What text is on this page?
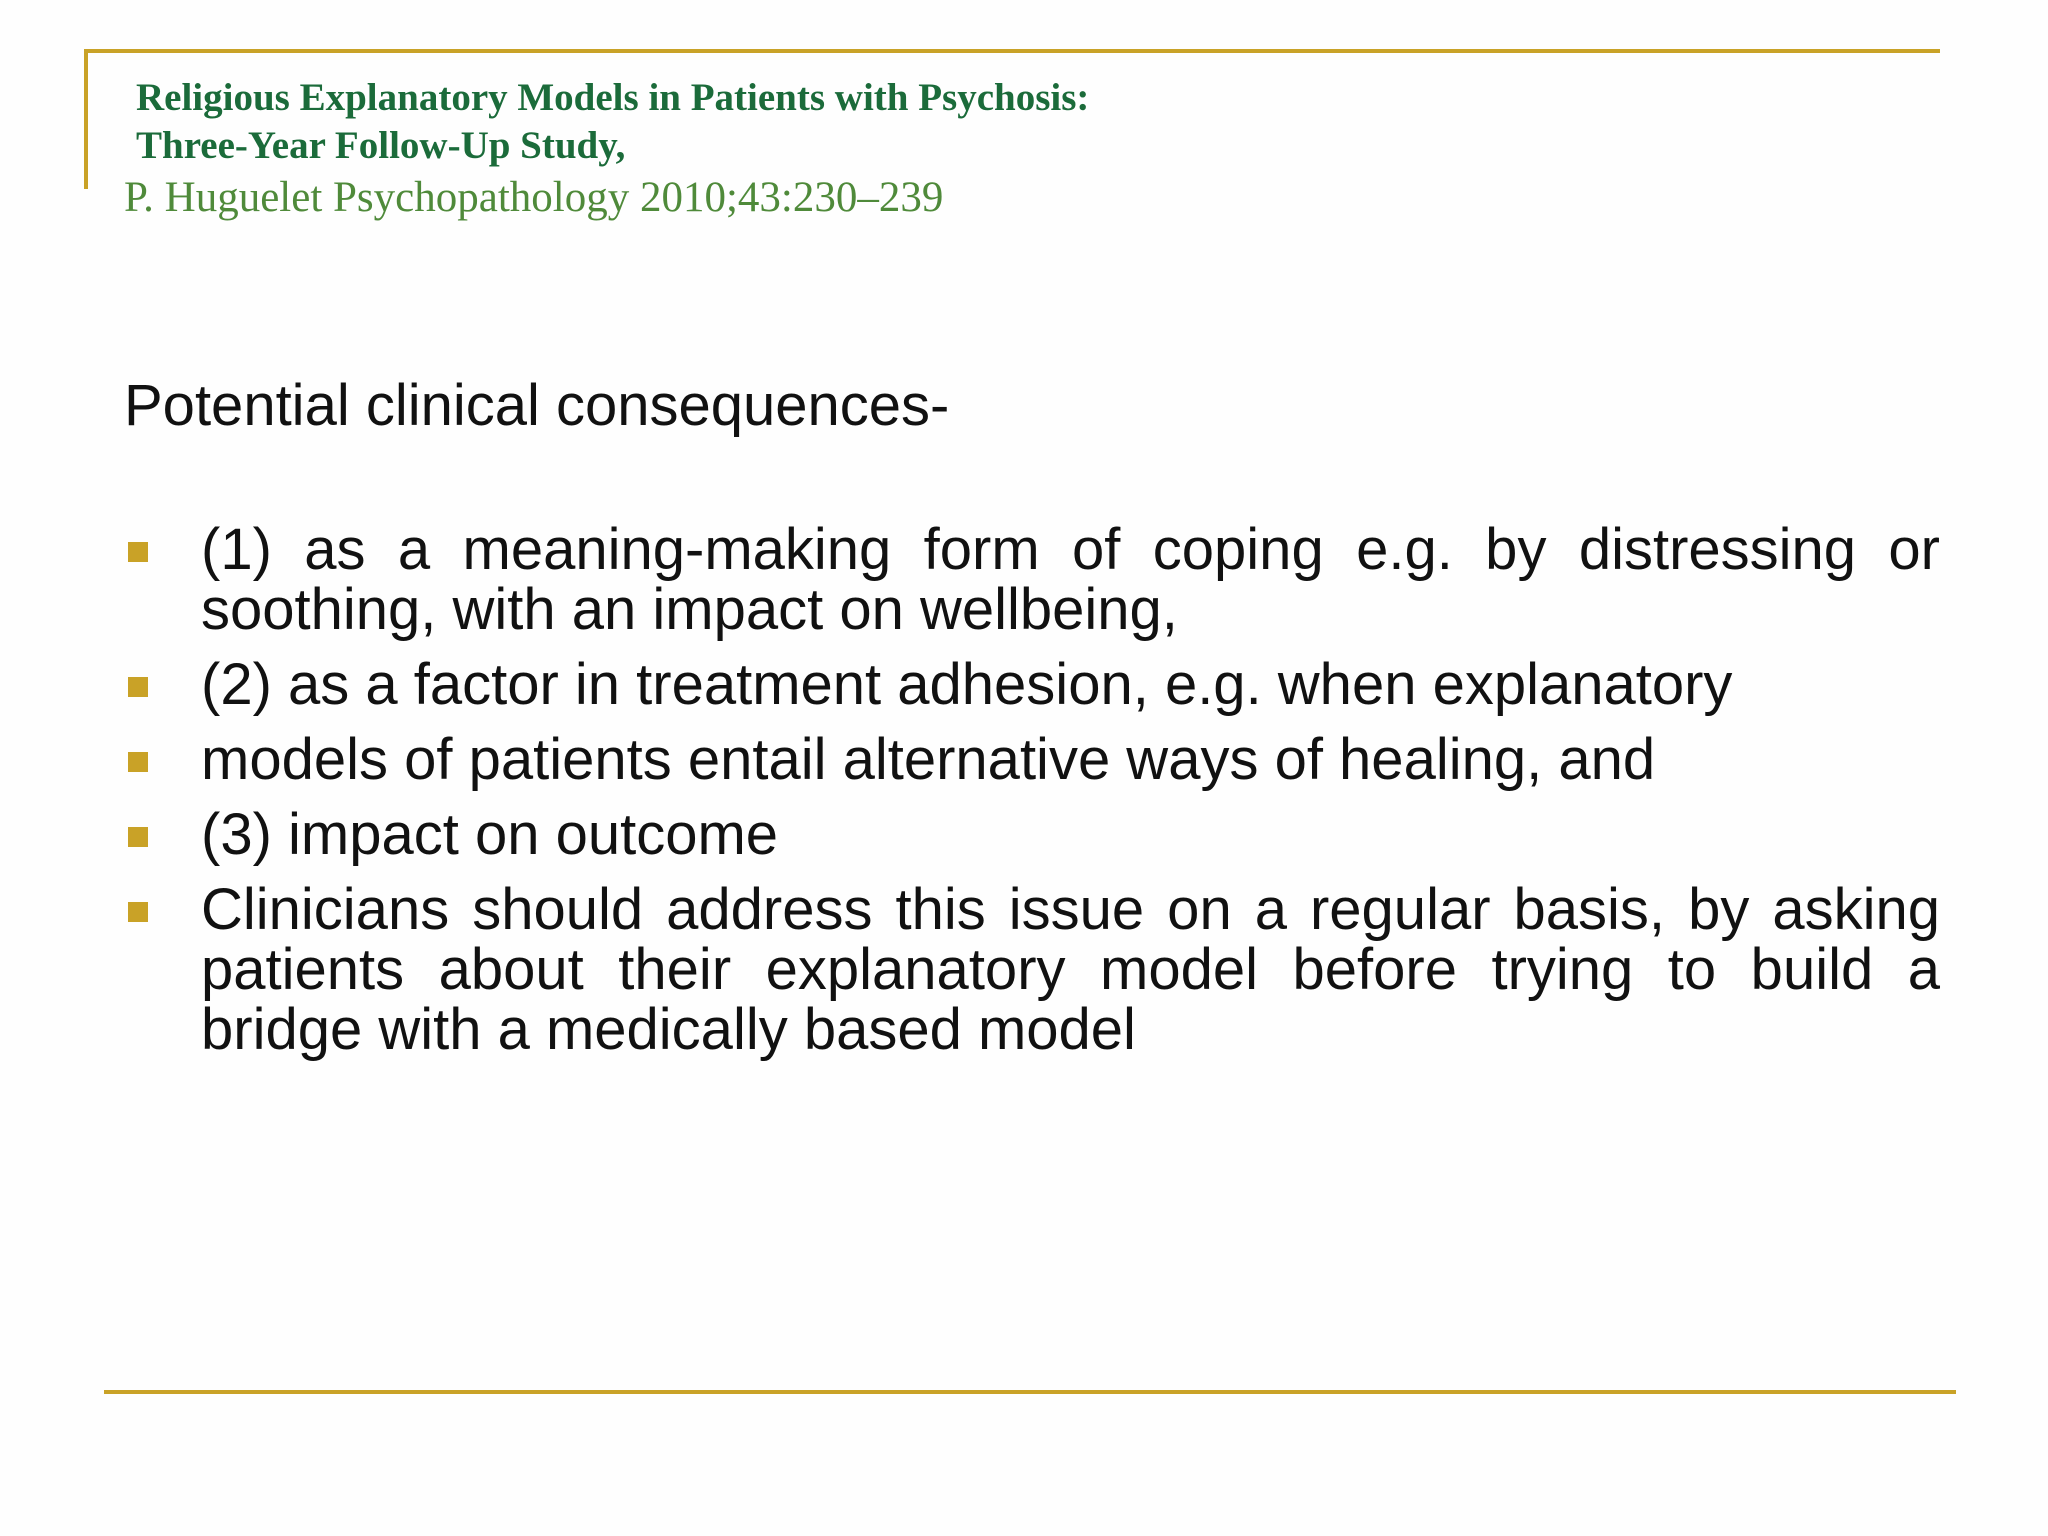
Religious Explanatory Models in Patients with Psychosis:
Three-Year Follow-Up Study,
P. Huguelet Psychopathology 2010;43:230–239
Potential clinical consequences-
(1) as a meaning-making form of coping e.g. by distressing or soothing, with an impact on wellbeing,
(2) as a factor in treatment adhesion, e.g. when explanatory
models of patients entail alternative ways of healing, and
(3) impact on outcome
Clinicians should address this issue on a regular basis, by asking patients about their explanatory model before trying to build a bridge with a medically based model
